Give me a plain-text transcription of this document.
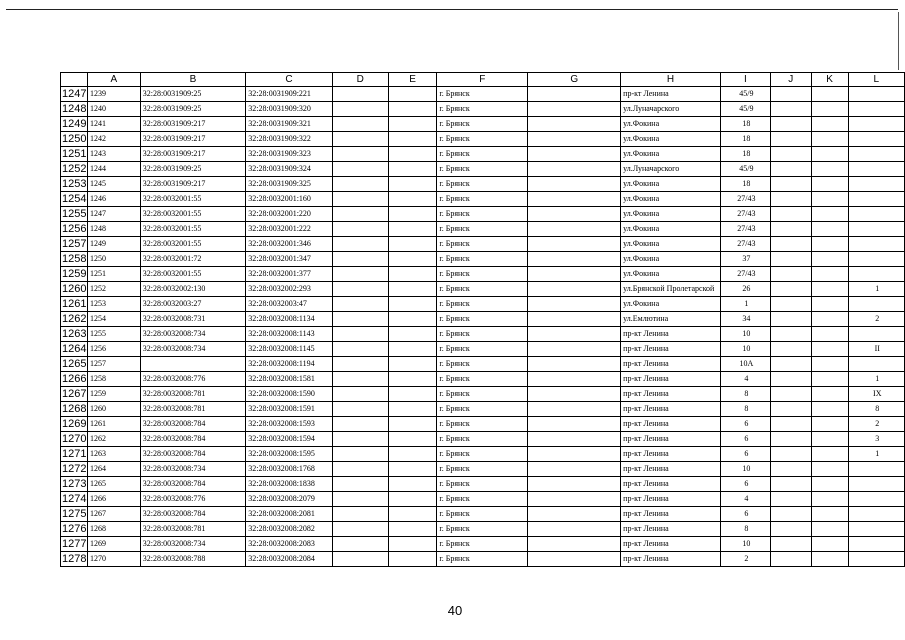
	A	B	C	D	E	F	G	H	I	J	K	L
1247	1239	32:28:0031909:25	32:28:0031909:221			г. Брянск		пр-кт Ленина	45/9			
1248	1240	32:28:0031909:25	32:28:0031909:320			г. Брянск		ул.Луначарского	45/9			
1249	1241	32:28:0031909:217	32:28:0031909:321			г. Брянск		ул.Фокина	18			
1250	1242	32:28:0031909:217	32:28:0031909:322			г. Брянск		ул.Фокина	18			
1251	1243	32:28:0031909:217	32:28:0031909:323			г. Брянск		ул.Фокина	18			
1252	1244	32:28:0031909:25	32:28:0031909:324			г. Брянск		ул.Луначарского	45/9			
1253	1245	32:28:0031909:217	32:28:0031909:325			г. Брянск		ул.Фокина	18			
1254	1246	32:28:0032001:55	32:28:0032001:160			г. Брянск		ул.Фокина	27/43			
1255	1247	32:28:0032001:55	32:28:0032001:220			г. Брянск		ул.Фокина	27/43			
1256	1248	32:28:0032001:55	32:28:0032001:222			г. Брянск		ул.Фокина	27/43			
1257	1249	32:28:0032001:55	32:28:0032001:346			г. Брянск		ул.Фокина	27/43			
1258	1250	32:28:0032001:72	32:28:0032001:347			г. Брянск		ул.Фокина	37			
1259	1251	32:28:0032001:55	32:28:0032001:377			г. Брянск		ул.Фокина	27/43			
1260	1252	32:28:0032002:130	32:28:0032002:293			г. Брянск		ул.Брянской Пролетарской	26			1
1261	1253	32:28:0032003:27	32:28:0032003:47			г. Брянск		ул.Фокина	1			
1262	1254	32:28:0032008:731	32:28:0032008:1134			г. Брянск		ул.Емлютина	34			2
1263	1255	32:28:0032008:734	32:28:0032008:1143			г. Брянск		пр-кт Ленина	10			
1264	1256	32:28:0032008:734	32:28:0032008:1145			г. Брянск		пр-кт Ленина	10			II
1265	1257		32:28:0032008:1194			г. Брянск		пр-кт Ленина	10А			
1266	1258	32:28:0032008:776	32:28:0032008:1581			г. Брянск		пр-кт Ленина	4			1
1267	1259	32:28:0032008:781	32:28:0032008:1590			г. Брянск		пр-кт Ленина	8			IX
1268	1260	32:28:0032008:781	32:28:0032008:1591			г. Брянск		пр-кт Ленина	8			8
1269	1261	32:28:0032008:784	32:28:0032008:1593			г. Брянск		пр-кт Ленина	6			2
1270	1262	32:28:0032008:784	32:28:0032008:1594			г. Брянск		пр-кт Ленина	6			3
1271	1263	32:28:0032008:784	32:28:0032008:1595			г. Брянск		пр-кт Ленина	6			1
1272	1264	32:28:0032008:734	32:28:0032008:1768			г. Брянск		пр-кт Ленина	10			
1273	1265	32:28:0032008:784	32:28:0032008:1838			г. Брянск		пр-кт Ленина	6			
1274	1266	32:28:0032008:776	32:28:0032008:2079			г. Брянск		пр-кт Ленина	4			
1275	1267	32:28:0032008:784	32:28:0032008:2081			г. Брянск		пр-кт Ленина	6			
1276	1268	32:28:0032008:781	32:28:0032008:2082			г. Брянск		пр-кт Ленина	8			
1277	1269	32:28:0032008:734	32:28:0032008:2083			г. Брянск		пр-кт Ленина	10			
1278	1270	32:28:0032008:788	32:28:0032008:2084			г. Брянск		пр-кт Ленина	2			
40
